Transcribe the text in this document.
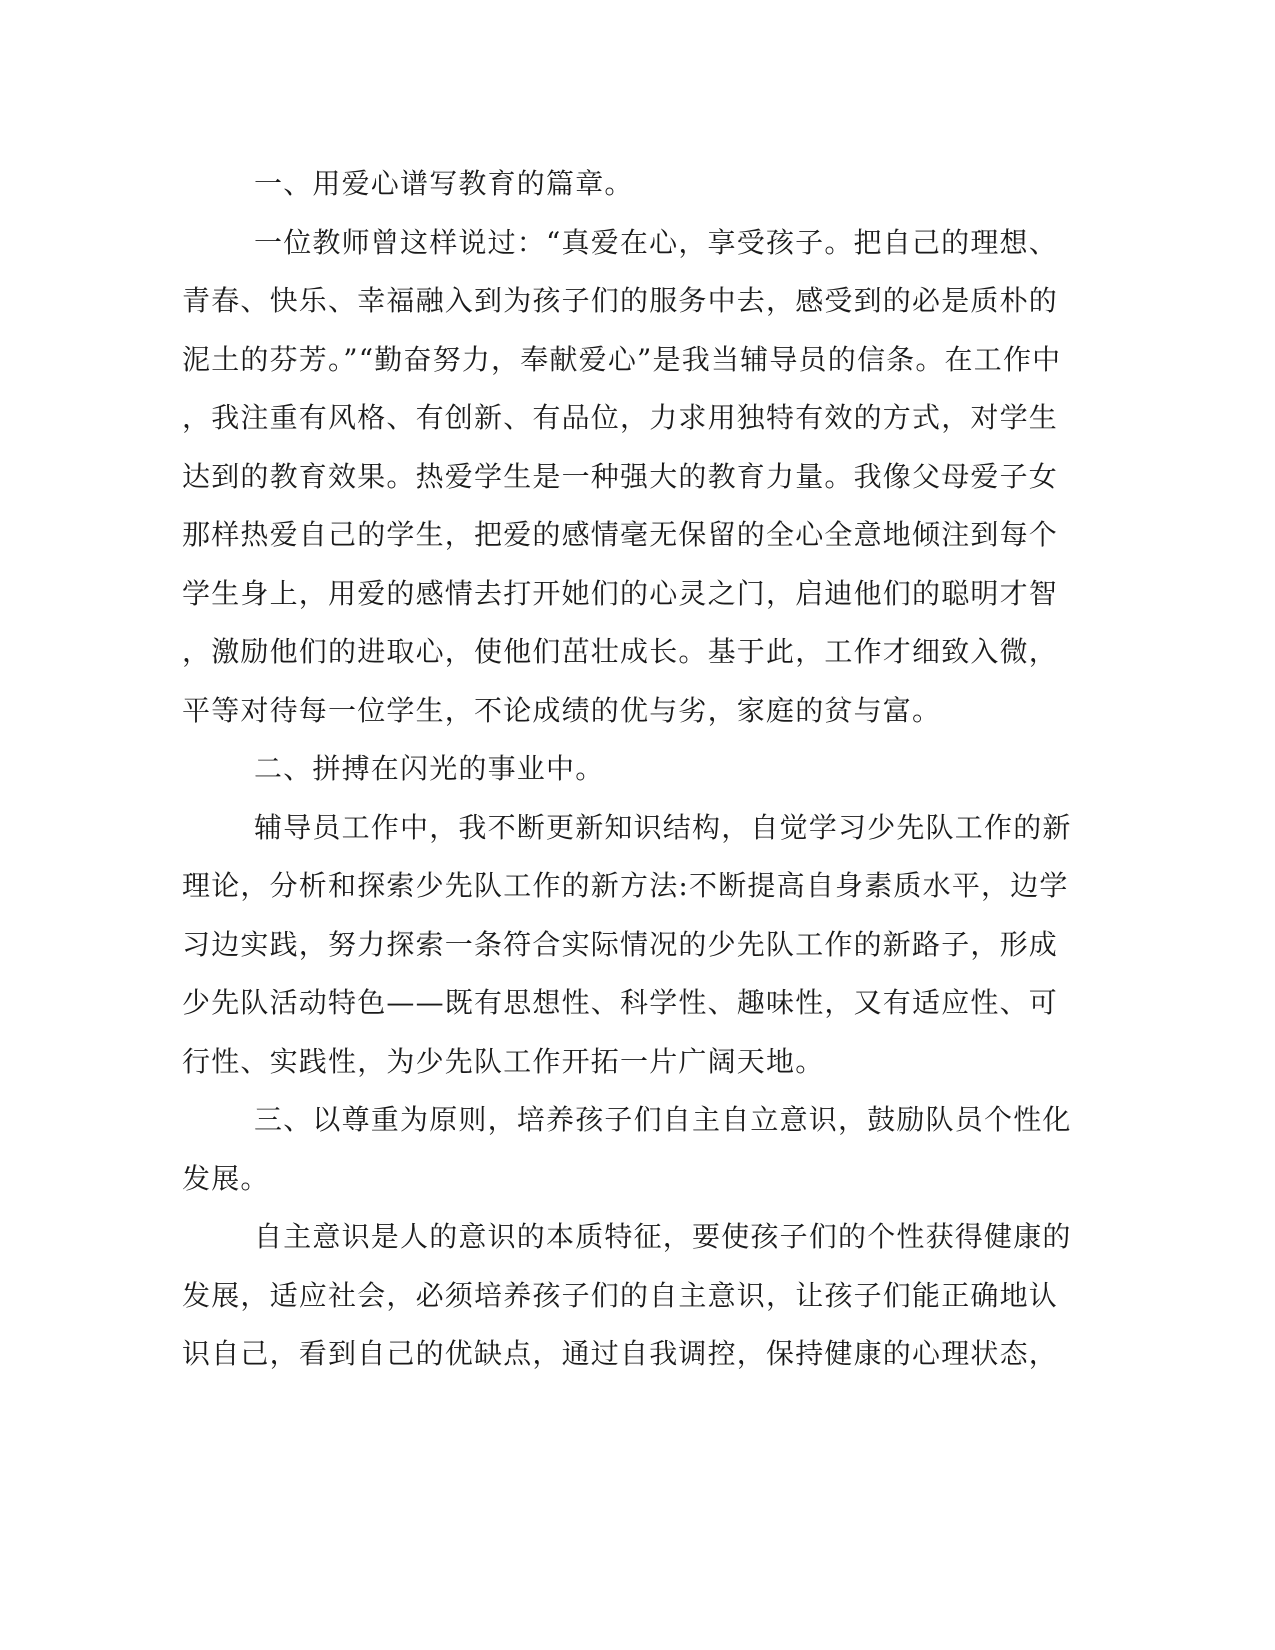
一、用爱心谱写教育的篇章。
一位教师曾这样说过：“真爱在心，享受孩子。把自己的理想、
青春、快乐、幸福融入到为孩子们的服务中去，感受到的必是质朴的
泥土的芬芳。”“勤奋努力，奉献爱心”是我当辅导员的信条。在工作中
，我注重有风格、有创新、有品位，力求用独特有效的方式，对学生
达到的教育效果。热爱学生是一种强大的教育力量。我像父母爱子女
那样热爱自己的学生，把爱的感情毫无保留的全心全意地倾注到每个
学生身上，用爱的感情去打开她们的心灵之门，启迪他们的聪明才智
，激励他们的进取心，使他们茁壮成长。基于此，工作才细致入微，
平等对待每一位学生，不论成绩的优与劣，家庭的贫与富。
二、拼搏在闪光的事业中。
辅导员工作中，我不断更新知识结构，自觉学习少先队工作的新
理论，分析和探索少先队工作的新方法:不断提高自身素质水平，边学
习边实践，努力探索一条符合实际情况的少先队工作的新路子，形成
少先队活动特色——既有思想性、科学性、趣味性，又有适应性、可
行性、实践性，为少先队工作开拓一片广阔天地。
三、以尊重为原则，培养孩子们自主自立意识，鼓励队员个性化
发展。
自主意识是人的意识的本质特征，要使孩子们的个性获得健康的
发展，适应社会，必须培养孩子们的自主意识，让孩子们能正确地认
识自己，看到自己的优缺点，通过自我调控，保持健康的心理状态，
